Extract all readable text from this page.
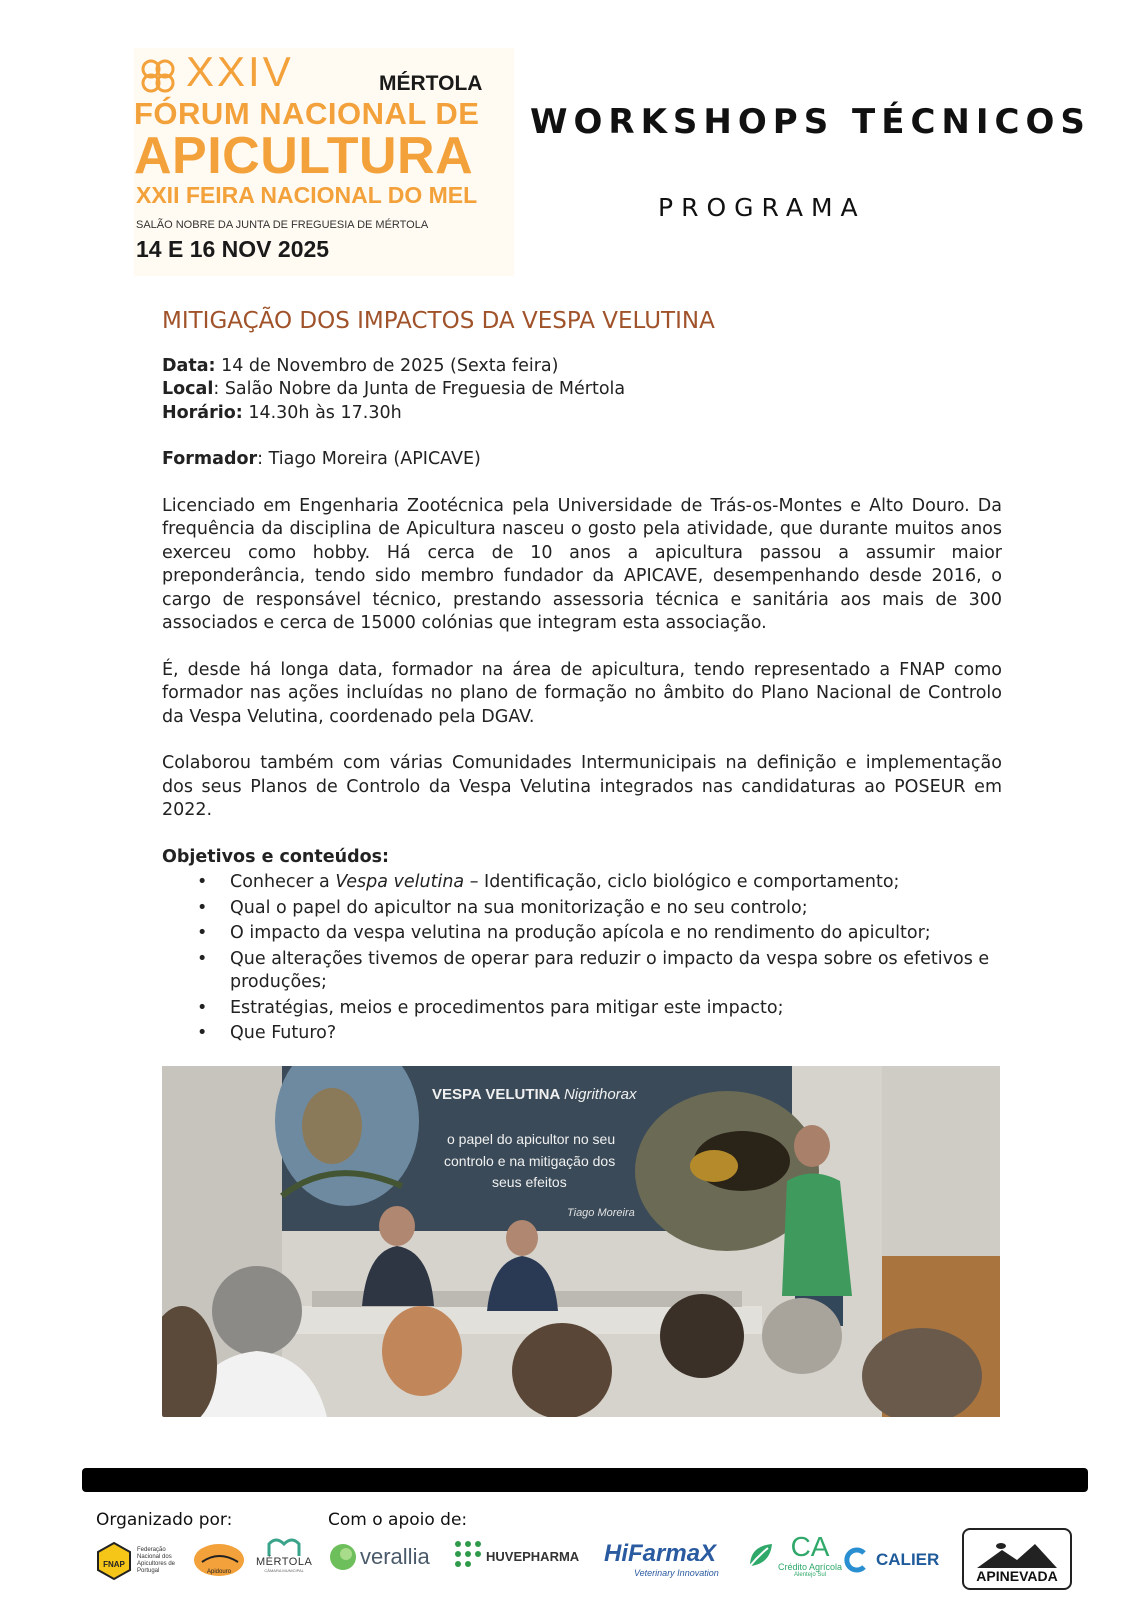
XXIV	MÉRTOLA
FÓRUM NACIONAL DE
APICULTURA
XXII FEIRA NACIONAL DO MEL
SALÃO NOBRE DA JUNTA DE FREGUESIA DE MÉRTOLA
14 E 16 NOV 2025
WORKSHOPS TÉCNICOS
PROGRAMA
MITIGAÇÃO DOS IMPACTOS DA VESPA VELUTINA

Data: 14 de Novembro de 2025 (Sexta feira)

Local: Salão Nobre da Junta de Freguesia de Mértola

Horário: 14.30h às 17.30h

Formador: Tiago Moreira (APICAVE)

Licenciado em Engenharia Zootécnica pela Universidade de Trás-os-Montes e Alto Douro. Da frequência da disciplina de Apicultura nasceu o gosto pela atividade, que durante muitos anos exerceu como hobby. Há cerca de 10 anos a apicultura passou a assumir maior preponderância, tendo sido membro fundador da APICAVE, desempenhando desde 2016, o cargo de responsável técnico, prestando assessoria técnica e sanitária aos mais de 300 associados e cerca de 15000 colónias que integram esta associação.

É, desde há longa data, formador na área de apicultura, tendo representado a FNAP como formador nas ações incluídas no plano de formação no âmbito do Plano Nacional de Controlo da Vespa Velutina, coordenado pela DGAV.

Colaborou também com várias Comunidades Intermunicipais na definição e implementação dos seus Planos de Controlo da Vespa Velutina integrados nas candidaturas ao POSEUR em 2022.

Objetivos e conteúdos:

• Conhecer a Vespa velutina – Identificação, ciclo biológico e comportamento;
• Qual o papel do apicultor na sua monitorização e no seu controlo;
• O impacto da vespa velutina na produção apícola e no rendimento do apicultor;
• Que alterações tivemos de operar para reduzir o impacto da vespa sobre os efetivos e produções;
• Estratégias, meios e procedimentos para mitigar este impacto;
• Que Futuro?
VESPA VELUTINA Nigrithorax
o papel do apicultor no seu
controlo e na mitigação dos
seus efeitos
Tiago Moreira
Organizado por:	Com o apoio de:
FNAP
Federação Nacional dos Apicultores de Portugal	Apidouro
MÉRTOLA
CÂMARA MUNICIPAL
verallia	HUVEPHARMA HiFarmaX
Veterinary Innovation
CA
Crédito Agrícola
Alentejo Sul
CALIER
APINEVADA
